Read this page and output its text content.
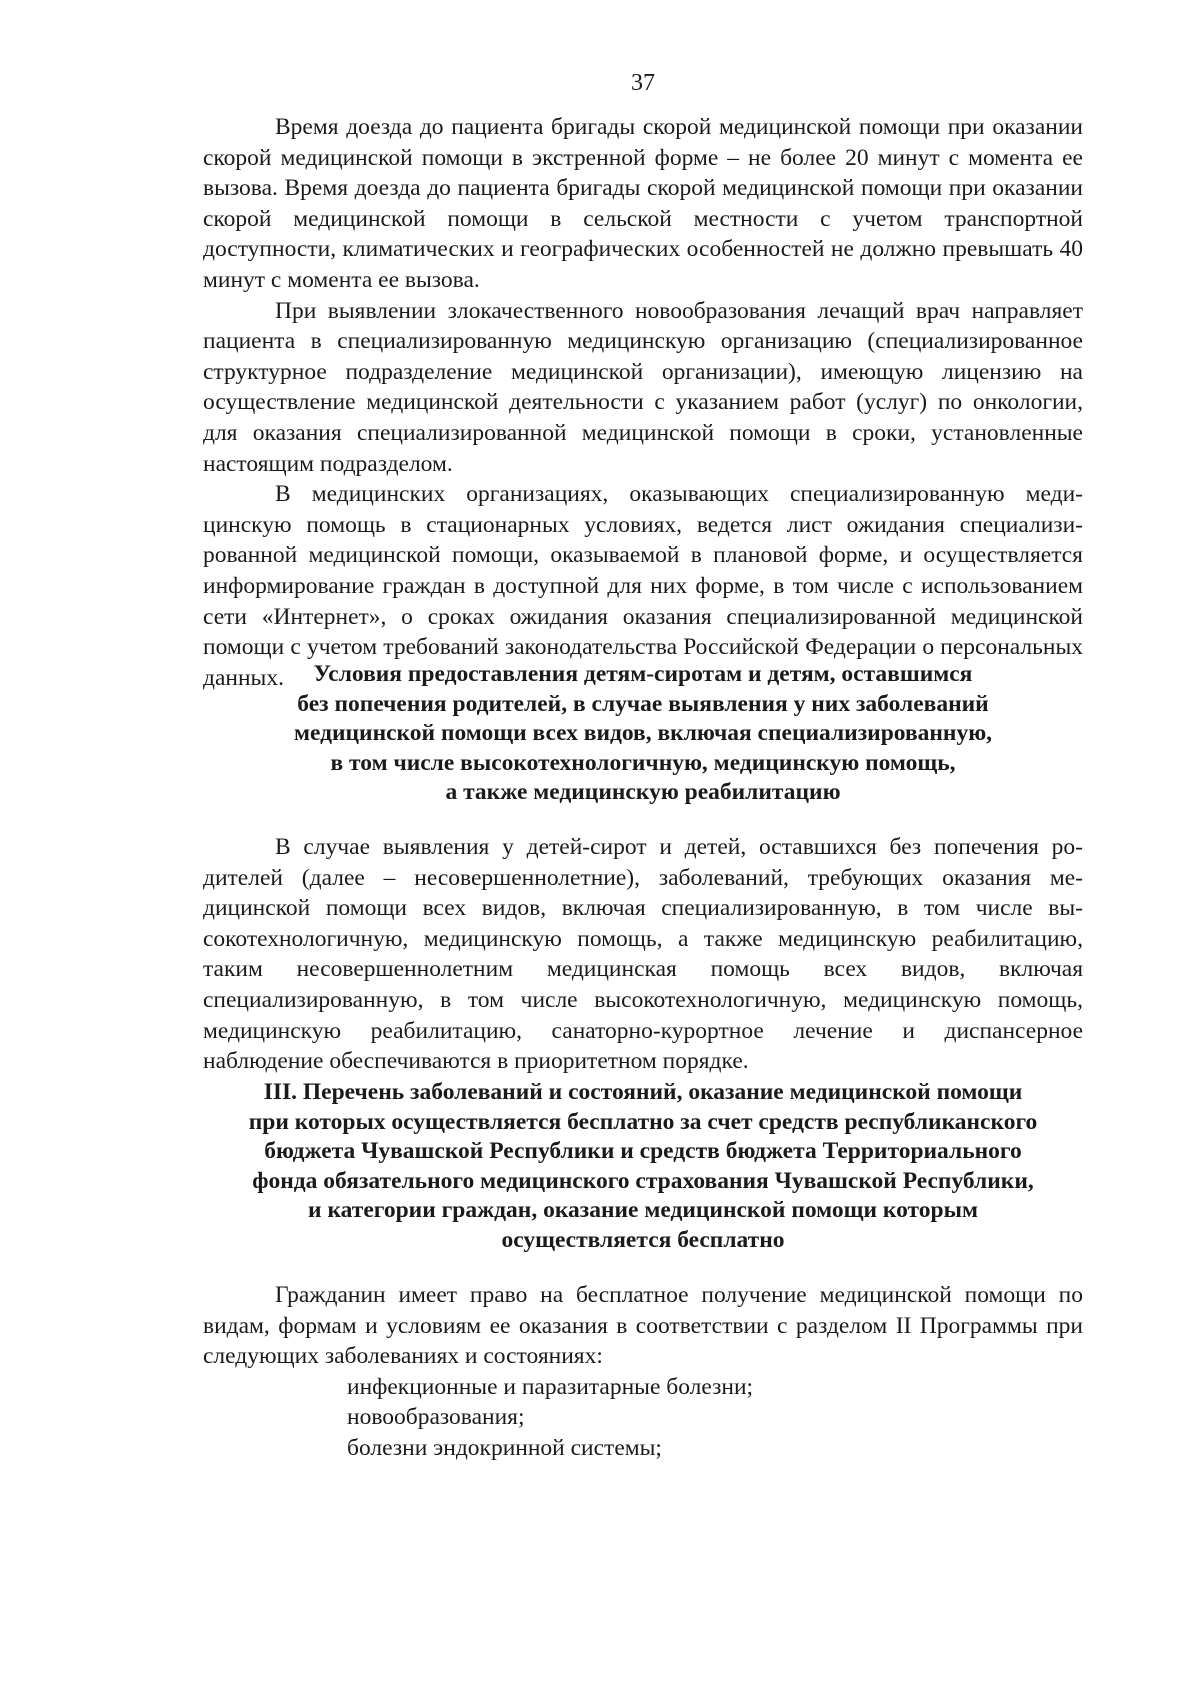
37

Время доезда до пациента бригады скорой медицинской помощи при оказании скорой медицинской помощи в экстренной форме – не более 20 минут с момента ее вызова. Время доезда до пациента бригады скорой медицинской помощи при оказании скорой медицинской помощи в сельской местности с учетом транспортной доступности, климатических и географических особенностей не должно превышать 40 минут с момента ее вызова.

При выявлении злокачественного новообразования лечащий врач направляет пациента в специализированную медицинскую организацию (специализированное структурное подразделение медицинской организации), имеющую лицензию на осуществление медицинской деятельности с указанием работ (услуг) по онкологии, для оказания специализированной медицинской помощи в сроки, установленные настоящим подразделом.

В медицинских организациях, оказывающих специализированную медицинскую помощь в стационарных условиях, ведется лист ожидания специализированной медицинской помощи, оказываемой в плановой форме, и осуществляется информирование граждан в доступной для них форме, в том числе с использованием сети «Интернет», о сроках ожидания оказания специализированной медицинской помощи с учетом требований законодательства Российской Федерации о персональных данных.	Условия предоставления детям-сиротам и детям, оставшимся
без попечения родителей, в случае выявления у них заболеваний
медицинской помощи всех видов, включая специализированную,
в том числе высокотехнологичную, медицинскую помощь,
а также медицинскую реабилитацию

В случае выявления у детей-сирот и детей, оставшихся без попечения родителей (далее – несовершеннолетние), заболеваний, требующих оказания медицинской помощи всех видов, включая специализированную, в том числе высокотехнологичную, медицинскую помощь, а также медицинскую реабилитацию, таким несовершеннолетним медицинская помощь всех видов, включая специализированную, в том числе высокотехнологичную, медицинскую помощь, медицинскую реабилитацию, санаторно-курортное лечение и диспансерное наблюдение обеспечиваются в приоритетном порядке.

III. Перечень заболеваний и состояний, оказание медицинской помощи
при которых осуществляется бесплатно за счет средств республиканского
бюджета Чувашской Республики и средств бюджета Территориального
фонда обязательного медицинского страхования Чувашской Республики,
и категории граждан, оказание медицинской помощи которым
осуществляется бесплатно

Гражданин имеет право на бесплатное получение медицинской помощи по видам, формам и условиям ее оказания в соответствии с разделом II Программы при следующих заболеваниях и состояниях:

инфекционные и паразитарные болезни;

новообразования;

болезни эндокринной системы;
